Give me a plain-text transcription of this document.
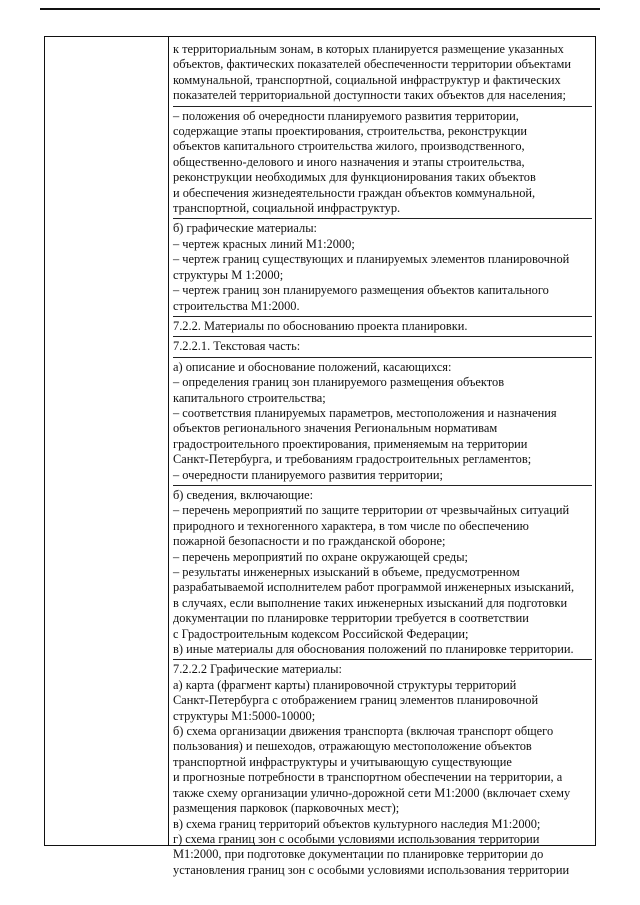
к территориальным зонам, в которых планируется размещение указанных
объектов, фактических показателей обеспеченности территории объектами
коммунальной, транспортной, социальной инфраструктур и фактических
показателей территориальной доступности таких объектов для населения;
– положения об очередности планируемого развития территории,
содержащие этапы проектирования, строительства, реконструкции
объектов капитального строительства жилого, производственного,
общественно-делового и иного назначения и этапы строительства,
реконструкции необходимых для функционирования таких объектов
и обеспечения жизнедеятельности граждан объектов коммунальной,
транспортной, социальной инфраструктур.
б) графические материалы:
– чертеж красных линий М1:2000;
– чертеж границ существующих и планируемых элементов планировочной
структуры М 1:2000;
– чертеж границ зон планируемого размещения объектов капитального
строительства М1:2000.
7.2.2. Материалы по обоснованию проекта планировки.
7.2.2.1. Текстовая часть:
а) описание и обоснование положений, касающихся:
– определения границ зон планируемого размещения объектов
капитального строительства;
– соответствия планируемых параметров, местоположения и назначения
объектов регионального значения Региональным нормативам
градостроительного проектирования, применяемым на территории
Санкт-Петербурга, и требованиям градостроительных регламентов;
– очередности планируемого развития территории;
б) сведения, включающие:
– перечень мероприятий по защите территории от чрезвычайных ситуаций
природного и техногенного характера, в том числе по обеспечению
пожарной безопасности и по гражданской обороне;
– перечень мероприятий по охране окружающей среды;
– результаты инженерных изысканий в объеме, предусмотренном
разрабатываемой исполнителем работ программой инженерных изысканий,
в случаях, если выполнение таких инженерных изысканий для подготовки
документации по планировке территории требуется в соответствии
с Градостроительным кодексом Российской Федерации;
в) иные материалы для обоснования положений по планировке территории.
7.2.2.2 Графические материалы:
а) карта (фрагмент карты) планировочной структуры территорий
Санкт-Петербурга с отображением границ элементов планировочной
структуры М1:5000-10000;
б) схема организации движения транспорта (включая транспорт общего
пользования) и пешеходов, отражающую местоположение объектов
транспортной инфраструктуры и учитывающую существующие
и прогнозные потребности в транспортном обеспечении на территории, а
также схему организации улично-дорожной сети М1:2000 (включает схему
размещения парковок (парковочных мест);
в) схема границ территорий объектов культурного наследия М1:2000;
г) схема границ зон с особыми условиями использования территории
М1:2000, при подготовке документации по планировке территории до
установления границ зон с особыми условиями использования территории
